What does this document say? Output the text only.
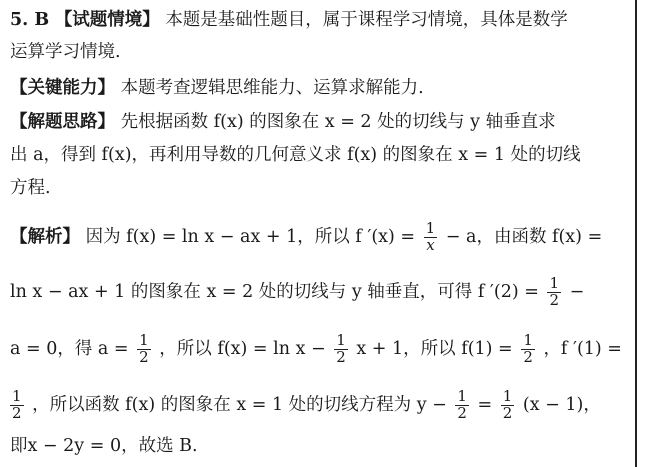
5. B 【试题情境】 本题是基础性题目，属于课程学习情境，具体是数学
运算学习情境.
【关键能力】 本题考查逻辑思维能力、运算求解能力.
【解题思路】 先根据函数 f(x) 的图象在 x = 2 处的切线与 y 轴垂直求
出 a，得到 f(x)，再利用导数的几何意义求 f(x) 的图象在 x = 1 处的切线
方程.
【解析】 因为 f(x) = ln x − ax + 1，所以 f $'(x) = \frac{1}{x} - a$，由函数 f(x) =
ln x − ax + 1 的图象在 x = 2 处的切线与 y 轴垂直，可得 f $'(2) = \frac{1}{2}$ −
a = 0，得 $a = \frac{1}{2}$ ，所以 $f(x) = \ln x - \frac{1}{2}$ x + 1，所以 $f(1) = \frac{1}{2}$ ，f ′(1) =
$\frac{1}{2}$ ，所以函数 f(x) 的图象在 x = 1 处的切线方程为 $y - \frac{1}{2} = \frac{1}{2} (x - 1)$，
即x − 2y = 0，故选 B.
